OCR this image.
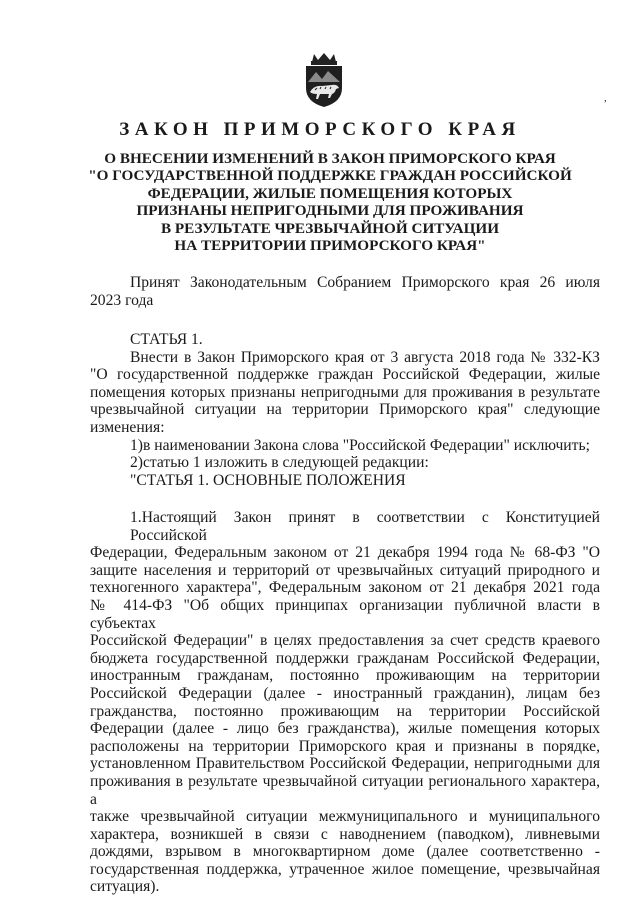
,
ЗАКОН ПРИМОРСКОГО КРАЯ
О ВНЕСЕНИИ ИЗМЕНЕНИЙ В ЗАКОН ПРИМОРСКОГО КРАЯ
"О ГОСУДАРСТВЕННОЙ ПОДДЕРЖКЕ ГРАЖДАН РОССИЙСКОЙ
ФЕДЕРАЦИИ, ЖИЛЫЕ ПОМЕЩЕНИЯ КОТОРЫХ
ПРИЗНАНЫ НЕПРИГОДНЫМИ ДЛЯ ПРОЖИВАНИЯ
В РЕЗУЛЬТАТЕ ЧРЕЗВЫЧАЙНОЙ СИТУАЦИИ
НА ТЕРРИТОРИИ ПРИМОРСКОГО КРАЯ"
Принят Законодательным Собранием Приморского края 26 июля
2023 года
СТАТЬЯ 1.
Внести в Закон Приморского края от 3 августа 2018 года № 332-КЗ
"О государственной поддержке граждан Российской Федерации, жилые
помещения которых признаны непригодными для проживания в результате
чрезвычайной ситуации на территории Приморского края" следующие
изменения:
1)в наименовании Закона слова "Российской Федерации" исключить;
2)статью 1 изложить в следующей редакции:
"СТАТЬЯ 1. ОСНОВНЫЕ ПОЛОЖЕНИЯ
1.Настоящий Закон принят в соответствии с Конституцией Российской
Федерации, Федеральным законом от 21 декабря 1994 года № 68-ФЗ "О
защите населения и территорий от чрезвычайных ситуаций природного и
техногенного характера", Федеральным законом от 21 декабря 2021 года
№ 414-ФЗ "Об общих принципах организации публичной власти в субъектах
Российской Федерации" в целях предоставления за счет средств краевого
бюджета государственной поддержки гражданам Российской Федерации,
иностранным гражданам, постоянно проживающим на территории
Российской Федерации (далее - иностранный гражданин), лицам без
гражданства, постоянно проживающим на территории Российской
Федерации (далее - лицо без гражданства), жилые помещения которых
расположены на территории Приморского края и признаны в порядке,
установленном Правительством Российской Федерации, непригодными для
проживания в результате чрезвычайной ситуации регионального характера, а
также чрезвычайной ситуации межмуниципального и муниципального
характера, возникшей в связи с наводнением (паводком), ливневыми
дождями, взрывом в многоквартирном доме (далее соответственно -
государственная поддержка, утраченное жилое помещение, чрезвычайная
ситуация).
